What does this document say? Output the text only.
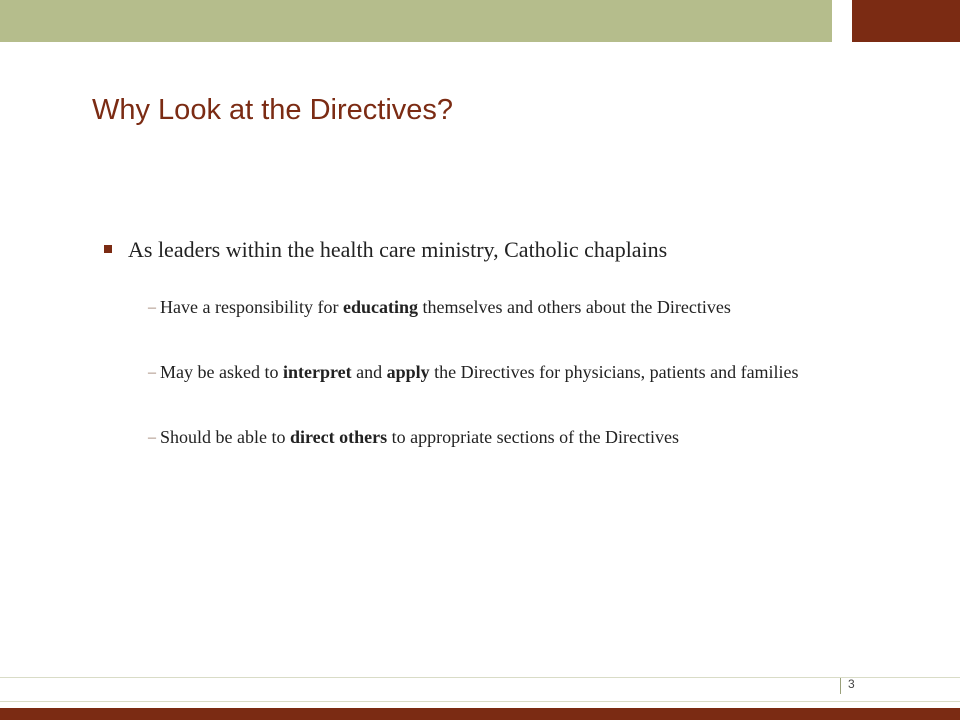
Why Look at the Directives?
As leaders within the health care ministry, Catholic chaplains
– Have a responsibility for educating themselves and others about the Directives
– May be asked to interpret and apply the Directives for physicians, patients and families
– Should be able to direct others to appropriate sections of the Directives
3
